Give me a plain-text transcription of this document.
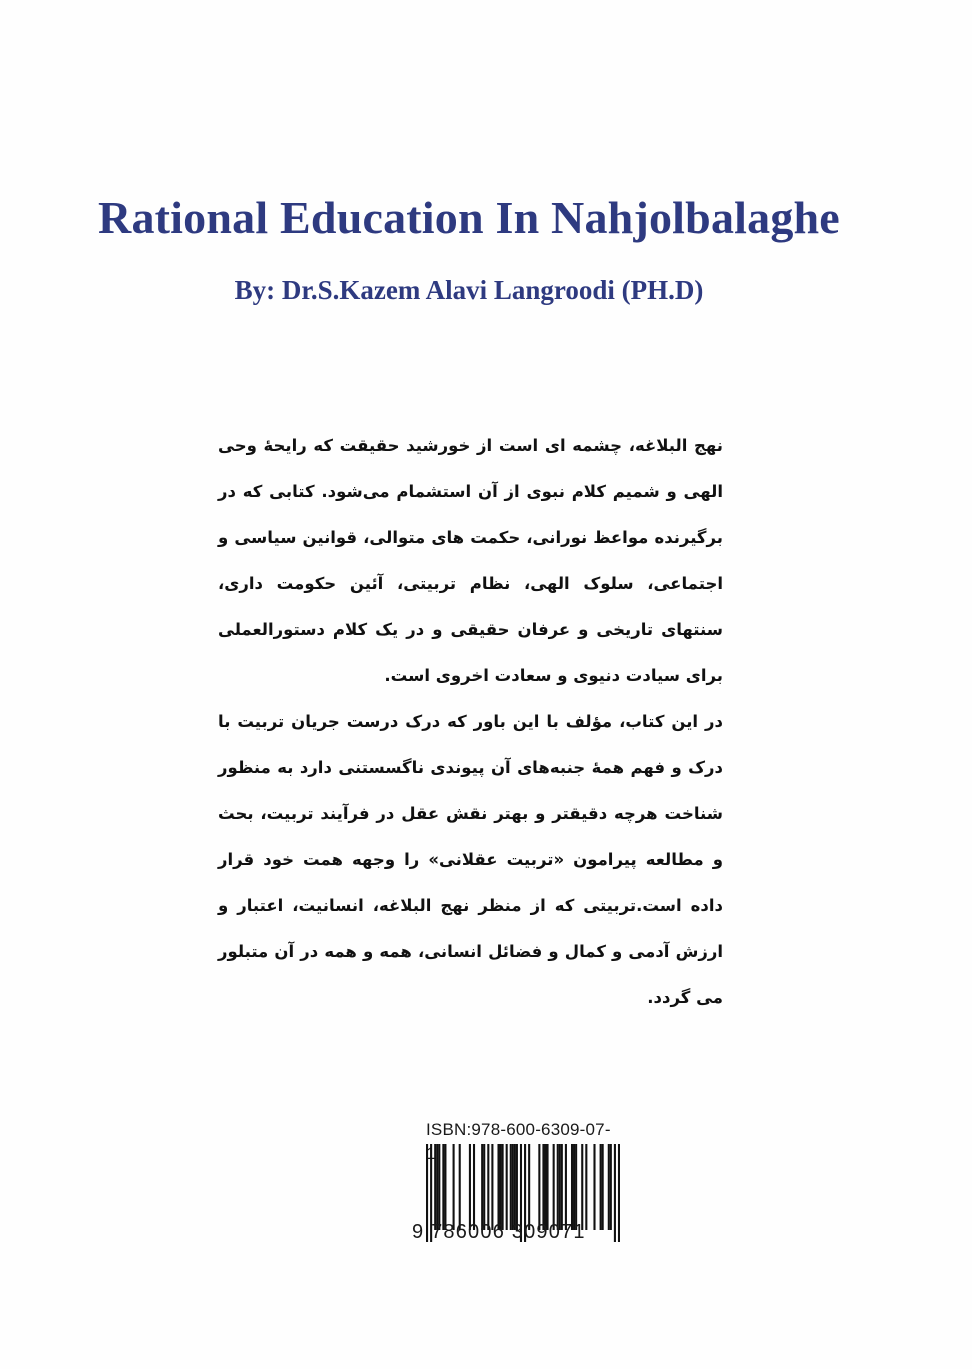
Rational Education In Nahjolbalaghe
By: Dr.S.Kazem Alavi Langroodi (PH.D)

نهج البلاغه، چشمه ای است از خورشید حقیقت که رایحهٔ وحی الهی و شمیم کلام نبوی از آن استشمام می‌شود. کتابی که در برگیرنده مواعظ نورانی، حکمت های متوالی، قوانین سیاسی و اجتماعی، سلوک الهی، نظام تربیتی، آئین حکومت داری، سنتهای تاریخی و عرفان حقیقی و در یک کلام دستورالعملی برای سیادت دنیوی و سعادت اخروی است.

در این کتاب، مؤلف با این باور که درک درست جریان تربیت با درک و فهم همهٔ جنبه‌های آن پیوندی ناگسستنی دارد به منظور شناخت هرچه دقیقتر و بهتر نقش عقل در فرآیند تربیت، بحث و مطالعه پیرامون «تربیت عقلانی» را وجهه همت خود قرار داده است.تربیتی که از منظر نهج البلاغه، انسانیت، اعتبار و ارزش آدمی و کمال و فضائل انسانی، همه و همه در آن متبلور می گردد.

ISBN:978-600-6309-07-
9 786006 309071
